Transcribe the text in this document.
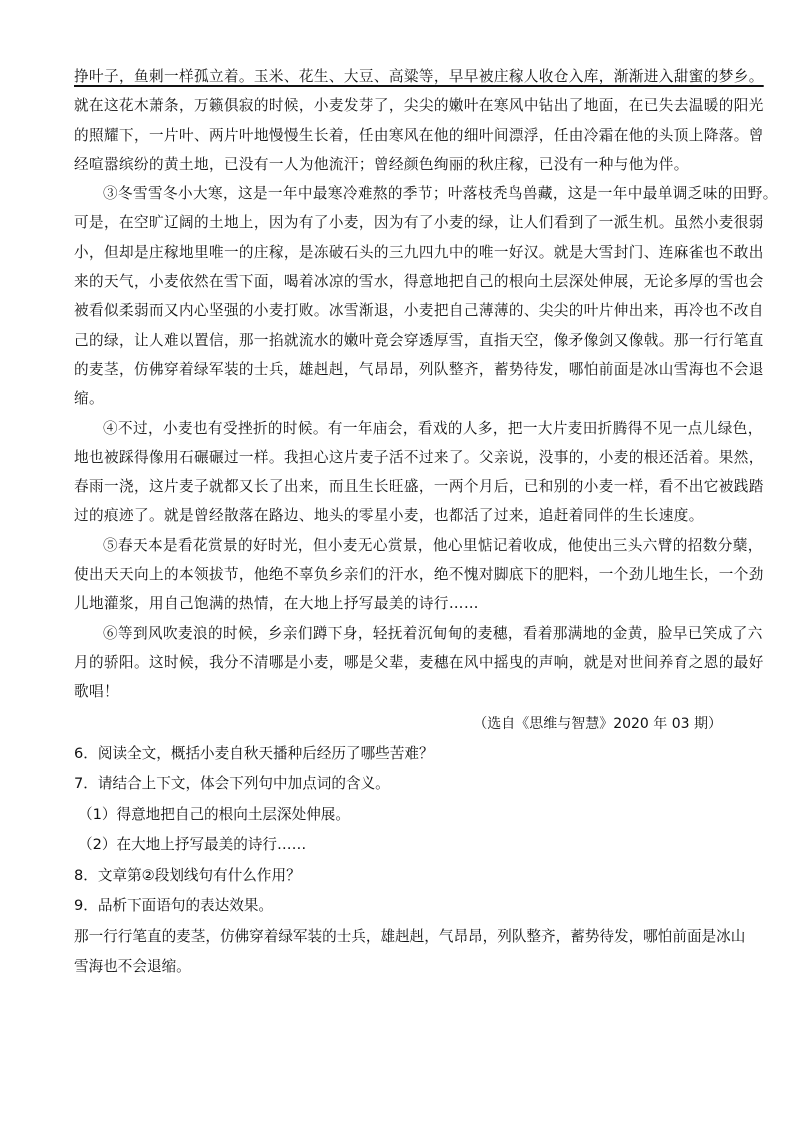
挣叶子，鱼刺一样孤立着。玉米、花生、大豆、高粱等，早早被庄稼人收仓入库，渐渐进入甜蜜的梦乡。
就在这花木萧条，万籁俱寂的时候，小麦发芽了，尖尖的嫩叶在寒风中钻出了地面，在已失去温暖的阳光
的照耀下，一片叶、两片叶地慢慢生长着，任由寒风在他的细叶间漂浮，任由冷霜在他的头顶上降落。曾
经喧嚣缤纷的黄土地，已没有一人为他流汗；曾经颜色绚丽的秋庄稼，已没有一种与他为伴。
③冬雪雪冬小大寒，这是一年中最寒冷难熬的季节；叶落枝秃鸟兽藏，这是一年中最单调乏味的田野。
可是，在空旷辽阔的土地上，因为有了小麦，因为有了小麦的绿，让人们看到了一派生机。虽然小麦很弱
小，但却是庄稼地里唯一的庄稼，是冻破石头的三九四九中的唯一好汉。就是大雪封门、连麻雀也不敢出
来的天气，小麦依然在雪下面，喝着冰凉的雪水，得意地把自己的根向土层深处伸展，无论多厚的雪也会
被看似柔弱而又内心坚强的小麦打败。冰雪渐退，小麦把自己薄薄的、尖尖的叶片伸出来，再冷也不改自
己的绿，让人难以置信，那一掐就流水的嫩叶竟会穿透厚雪，直指天空，像矛像剑又像戟。那一行行笔直
的麦茎，仿佛穿着绿军装的士兵，雄赳赳，气昂昂，列队整齐，蓄势待发，哪怕前面是冰山雪海也不会退
缩。
④不过，小麦也有受挫折的时候。有一年庙会，看戏的人多，把一大片麦田折腾得不见一点儿绿色，
地也被踩得像用石碾碾过一样。我担心这片麦子活不过来了。父亲说，没事的，小麦的根还活着。果然，
春雨一浇，这片麦子就都又长了出来，而且生长旺盛，一两个月后，已和别的小麦一样，看不出它被践踏
过的痕迹了。就是曾经散落在路边、地头的零星小麦，也都活了过来，追赶着同伴的生长速度。
⑤春天本是看花赏景的好时光，但小麦无心赏景，他心里惦记着收成，他使出三头六臂的招数分蘖，
使出天天向上的本领拔节，他绝不辜负乡亲们的汗水，绝不愧对脚底下的肥料，一个劲儿地生长，一个劲
儿地灌浆，用自己饱满的热情，在大地上抒写最美的诗行……
⑥等到风吹麦浪的时候，乡亲们蹲下身，轻抚着沉甸甸的麦穗，看着那满地的金黄，脸早已笑成了六
月的骄阳。这时候，我分不清哪是小麦，哪是父辈，麦穗在风中摇曳的声响，就是对世间养育之恩的最好
歌唱！
（选自《思维与智慧》2020 年 03 期）
6．阅读全文，概括小麦自秋天播种后经历了哪些苦难？
7．请结合上下文，体会下列句中加点词的含义。
（1）得意地把自己的根向土层深处伸展。
（2）在大地上抒写最美的诗行……
8．文章第②段划线句有什么作用？
9．品析下面语句的表达效果。
那一行行笔直的麦茎，仿佛穿着绿军装的士兵，雄赳赳，气昂昂，列队整齐，蓄势待发，哪怕前面是冰山
雪海也不会退缩。
